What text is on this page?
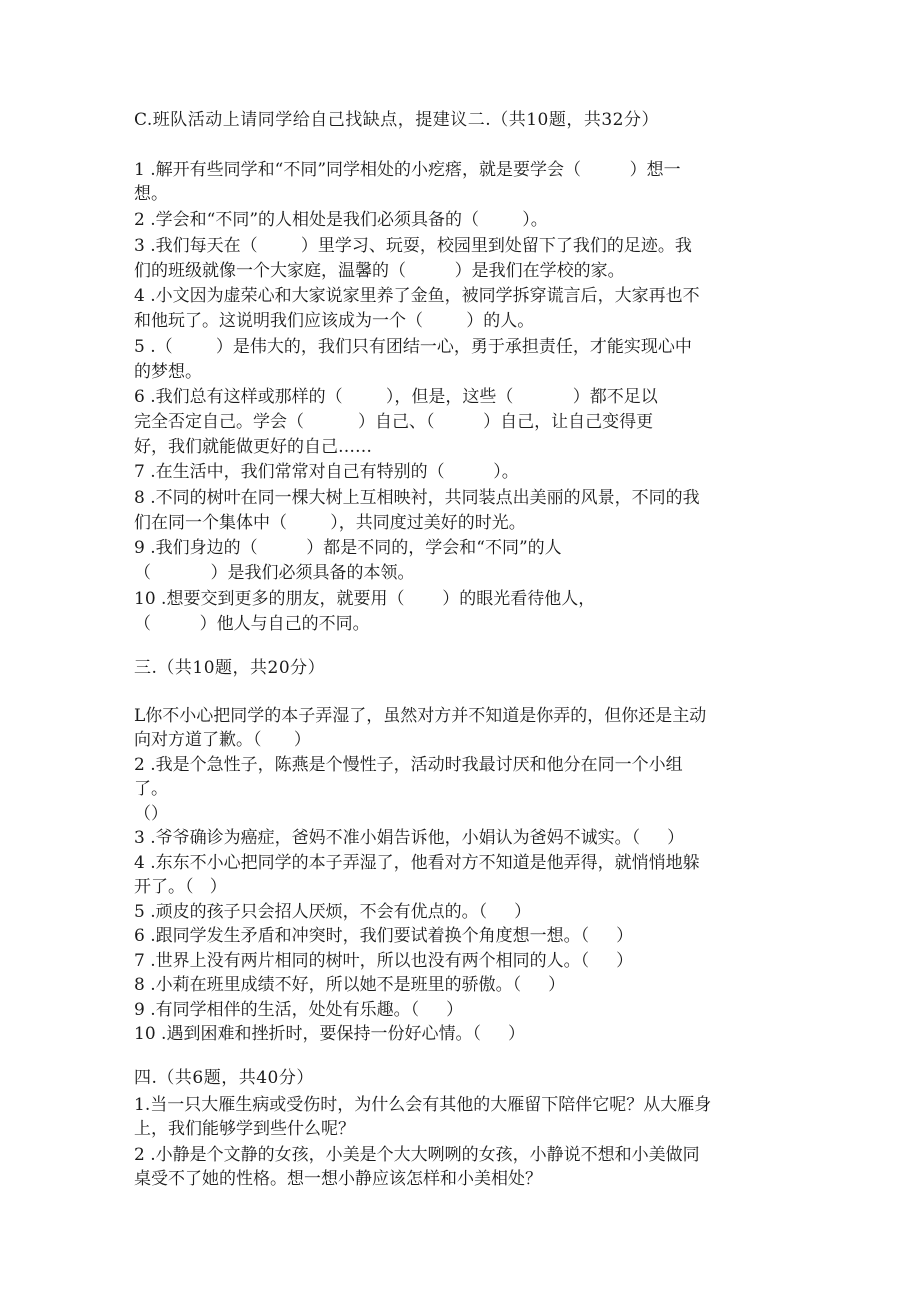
C.班队活动上请同学给自己找缺点，提建议二.（共10题，共32分）
1 .解开有些同学和“不同”同学相处的小疙瘩，就是要学会（         ）想一
想。
2 .学会和“不同”的人相处是我们必须具备的（        ）。
3 .我们每天在（        ）里学习、玩耍，校园里到处留下了我们的足迹。我
们的班级就像一个大家庭，温馨的（         ）是我们在学校的家。
4 .小文因为虚荣心和大家说家里养了金鱼，被同学拆穿谎言后，大家再也不
和他玩了。这说明我们应该成为一个（        ）的人。
5 .（        ）是伟大的，我们只有团结一心，勇于承担责任，才能实现心中
的梦想。
6 .我们总有这样或那样的（        ），但是，这些（           ）都不足以
完全否定自己。学会（          ）自己、（         ）自己，让自己变得更
好，我们就能做更好的自己……
7 .在生活中，我们常常对自己有特别的（         ）。
8 .不同的树叶在同一棵大树上互相映衬，共同装点出美丽的风景，不同的我
们在同一个集体中（        ），共同度过美好的时光。
9 .我们身边的（         ）都是不同的，学会和“不同”的人
（           ）是我们必须具备的本领。
10 .想要交到更多的朋友，就要用（       ）的眼光看待他人，
（         ）他人与自己的不同。
三.（共10题，共20分）
L你不小心把同学的本子弄湿了，虽然对方并不知道是你弄的，但你还是主动
向对方道了歉。（      ）
2 .我是个急性子，陈燕是个慢性子，活动时我最讨厌和他分在同一个小组
了。
（）
3 .爷爷确诊为癌症，爸妈不准小娟告诉他，小娟认为爸妈不诚实。（     ）
4 .东东不小心把同学的本子弄湿了，他看对方不知道是他弄得，就悄悄地躲
开了。（   ）
5 .顽皮的孩子只会招人厌烦，不会有优点的。（     ）
6 .跟同学发生矛盾和冲突时，我们要试着换个角度想一想。（     ）
7 .世界上没有两片相同的树叶，所以也没有两个相同的人。（     ）
8 .小莉在班里成绩不好，所以她不是班里的骄傲。（     ）
9 .有同学相伴的生活，处处有乐趣。（     ）
10 .遇到困难和挫折时，要保持一份好心情。（     ）
四.（共6题，共40分）
1.当一只大雁生病或受伤时，为什么会有其他的大雁留下陪伴它呢？从大雁身
上，我们能够学到些什么呢？
2 .小静是个文静的女孩，小美是个大大咧咧的女孩，小静说不想和小美做同
桌受不了她的性格。想一想小静应该怎样和小美相处？
